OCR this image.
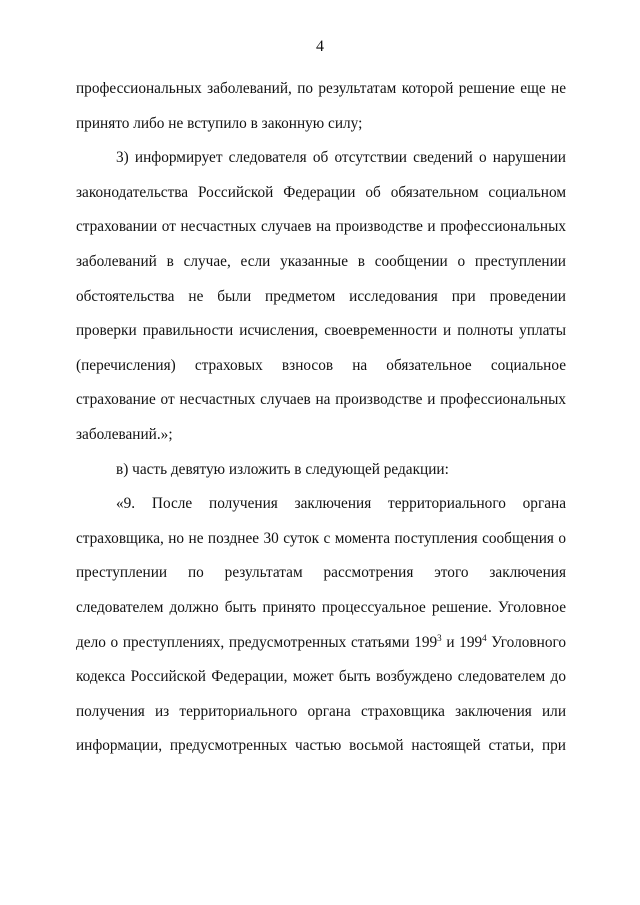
4
профессиональных заболеваний, по результатам которой решение еще не
принято либо не вступило в законную силу;
3) информирует следователя об отсутствии сведений о нарушении
законодательства Российской Федерации об обязательном социальном
страховании от несчастных случаев на производстве и профессиональных
заболеваний в случае, если указанные в сообщении о преступлении
обстоятельства не были предметом исследования при проведении
проверки правильности исчисления, своевременности и полноты уплаты
(перечисления) страховых взносов на обязательное социальное
страхование от несчастных случаев на производстве и профессиональных
заболеваний.»;
в) часть девятую изложить в следующей редакции:
«9. После получения заключения территориального органа
страховщика, но не позднее 30 суток с момента поступления сообщения о
преступлении по результатам рассмотрения этого заключения
следователем должно быть принято процессуальное решение. Уголовное
дело о преступлениях, предусмотренных статьями $199^3$ и $199^4$ Уголовного
кодекса Российской Федерации, может быть возбуждено следователем до
получения из территориального органа страховщика заключения или
информации, предусмотренных частью восьмой настоящей статьи, при
